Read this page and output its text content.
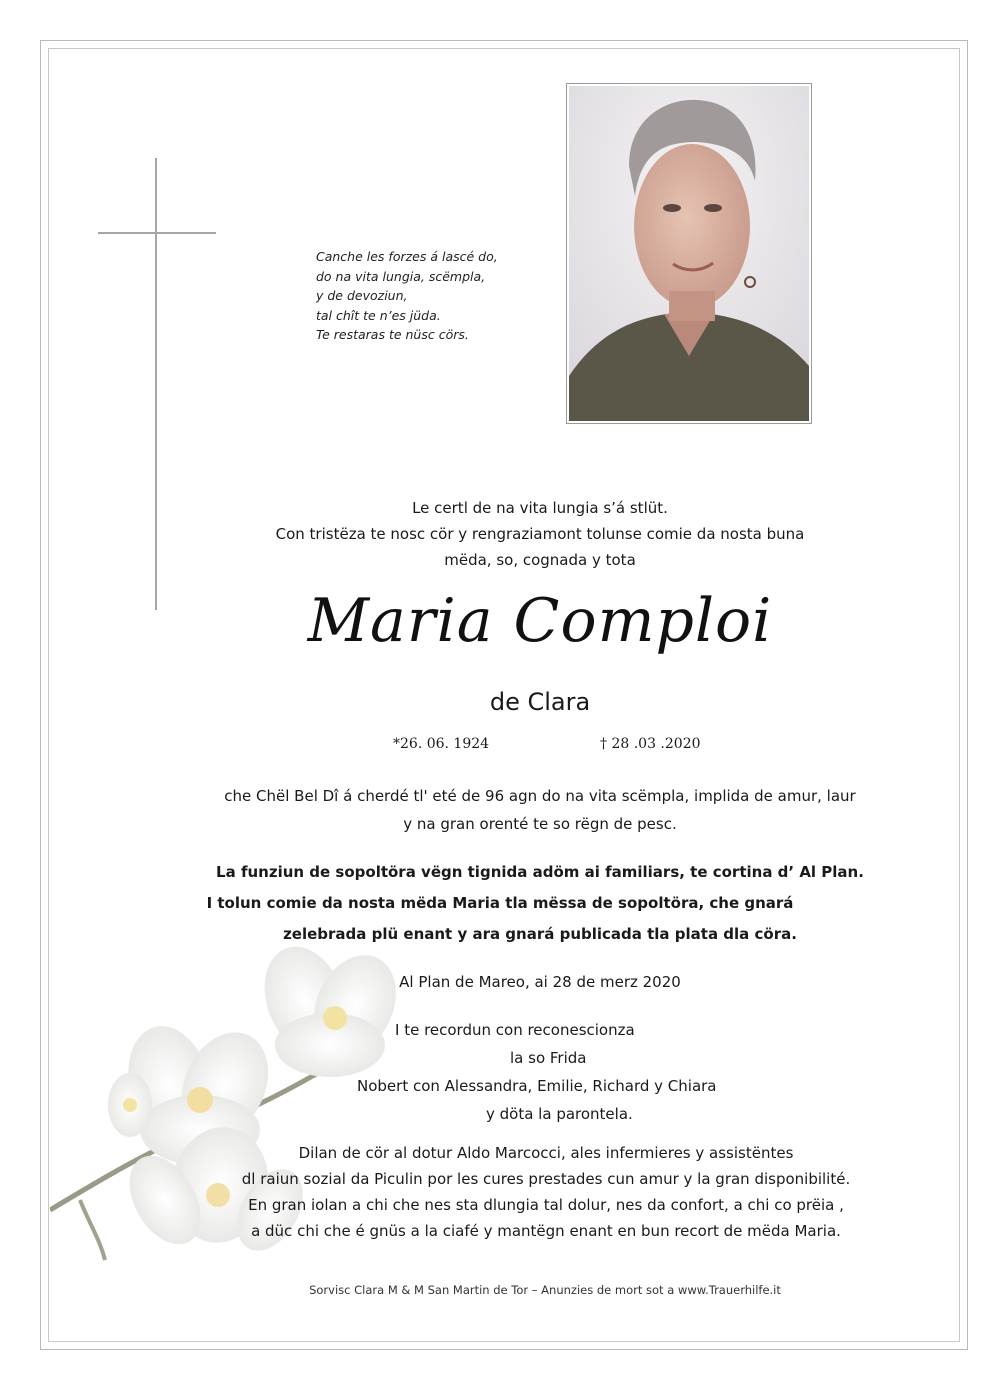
Canche les forzes á lascé do,
do na vita lungia, scëmpla,
y de devoziun,
tal chît te n’es jüda.
Te restaras te nüsc cörs.
Le certl de na vita lungia s’á stlüt.
Con tristëza te nosc cör y rengraziamont tolunse comie da nosta buna
mëda, so, cognada y tota
Maria Comploi
de Clara
*26. 06. 1924	† 28 .03 .2020
che Chël Bel Dî á cherdé tl' eté de 96 agn do na vita scëmpla, implida de amur, laur
y na gran orenté te so rëgn de pesc.
La funziun de sopoltöra vëgn tignida adöm ai familiars, te cortina d’ Al Plan.
I tolun comie da nosta mëda Maria tla mëssa de sopoltöra, che gnará
zelebrada plü enant y ara gnará publicada tla plata dla cöra.
Al Plan de Mareo, ai 28 de merz 2020
I te recordun con reconescionza
la so Frida
Nobert con Alessandra, Emilie, Richard y Chiara
y döta la parontela.
Dilan de cör al dotur Aldo Marcocci, ales infermieres y assistëntes
dl raiun sozial da Piculin por les cures prestades cun amur y la gran disponibilité.
En gran iolan a chi che nes sta dlungia tal dolur, nes da confort, a chi co prëia ,
a düc chi che é gnüs a la ciafé y mantëgn enant en bun recort de mëda Maria.
Sorvisc Clara M & M San Martin de Tor – Anunzies de mort sot a www.Trauerhilfe.it
